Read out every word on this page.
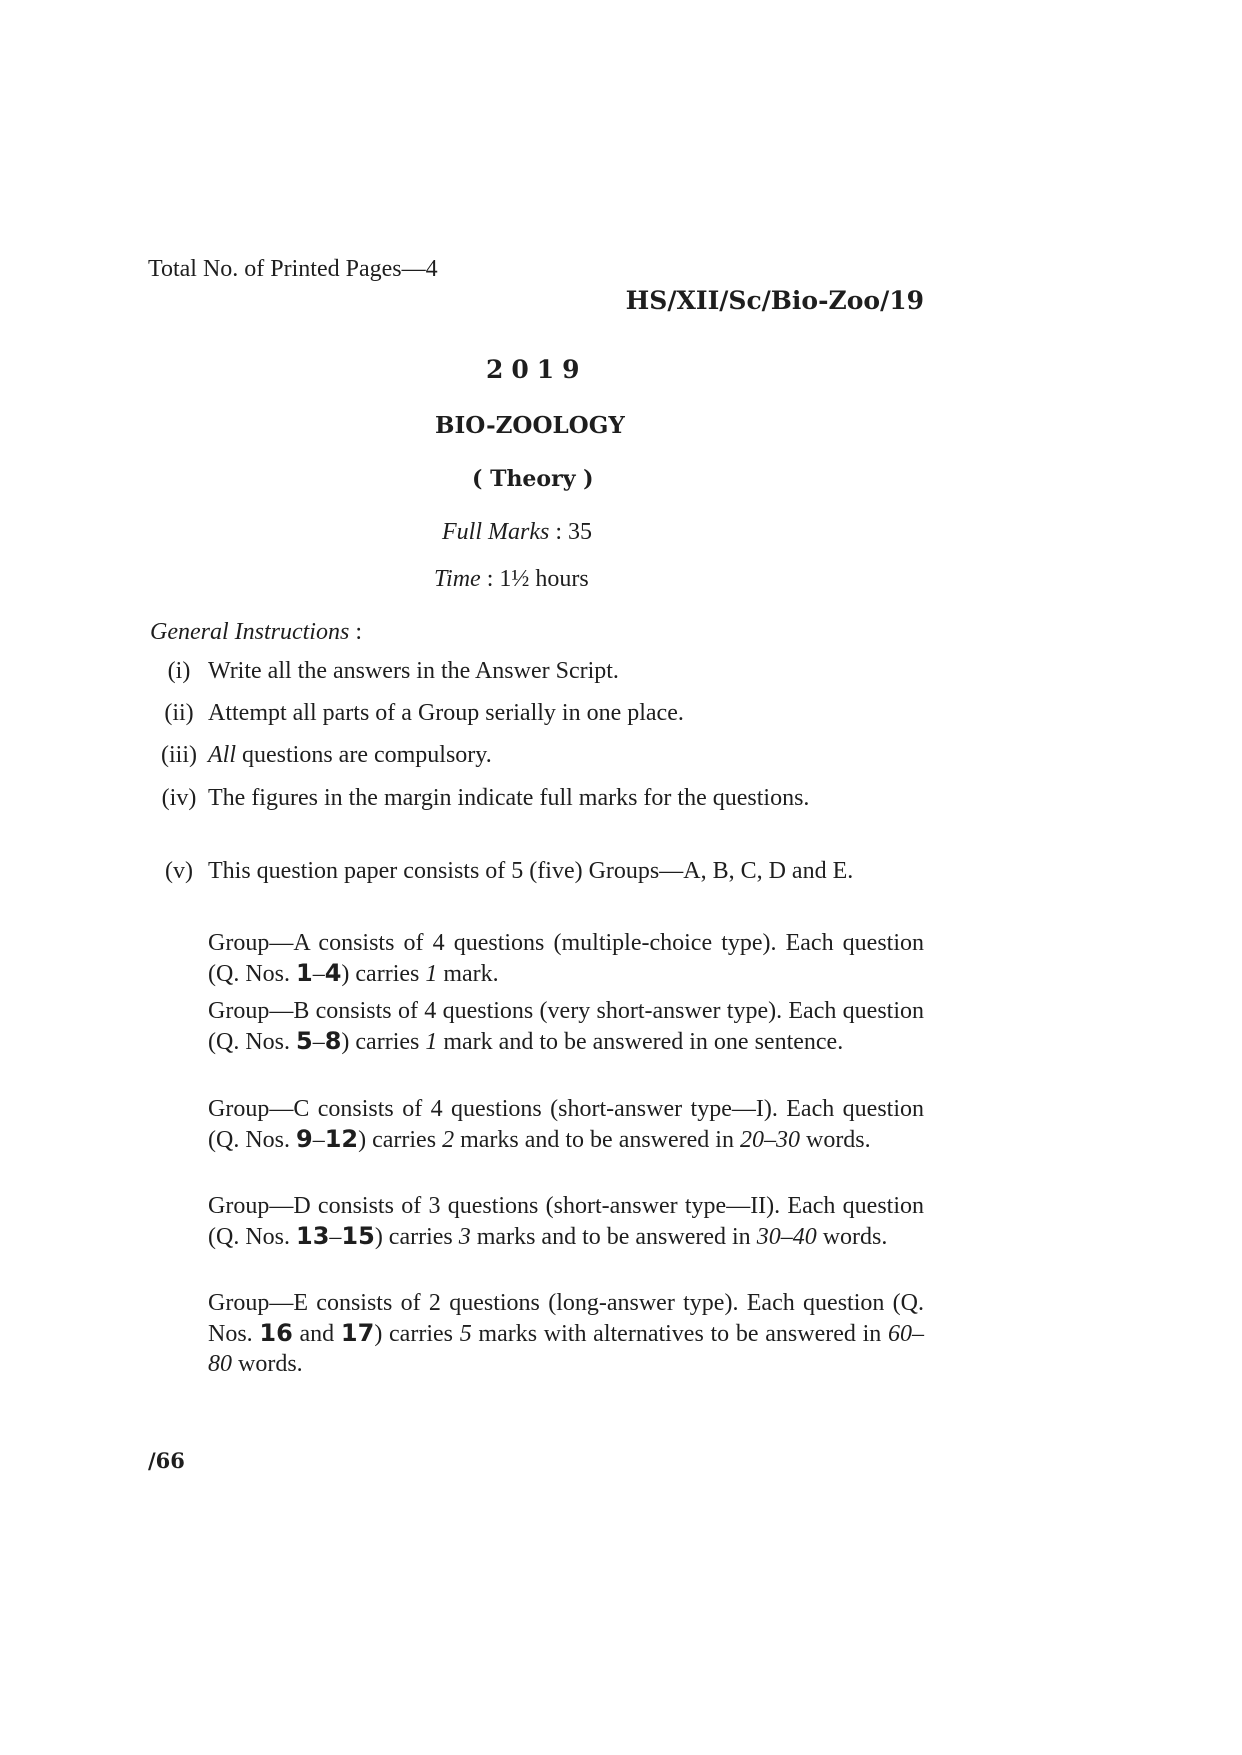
Total No. of Printed Pages—4
HS/XII/Sc/Bio-Zoo/19
2019
BIO-ZOOLOGY
( Theory )
Full Marks : 35
Time : 1½ hours
General Instructions :
(i) Write all the answers in the Answer Script.
(ii) Attempt all parts of a Group serially in one place.
(iii) All questions are compulsory.
(iv) The figures in the margin indicate full marks for the questions.
(v) This question paper consists of 5 (five) Groups—A, B, C, D and E.
Group—A consists of 4 questions (multiple-choice type). Each question (Q. Nos. 1–4) carries 1 mark.
Group—B consists of 4 questions (very short-answer type). Each question (Q. Nos. 5–8) carries 1 mark and to be answered in one sentence.
Group—C consists of 4 questions (short-answer type—I). Each question (Q. Nos. 9–12) carries 2 marks and to be answered in 20–30 words.
Group—D consists of 3 questions (short-answer type—II). Each question (Q. Nos. 13–15) carries 3 marks and to be answered in 30–40 words.
Group—E consists of 2 questions (long-answer type). Each question (Q. Nos. 16 and 17) carries 5 marks with alternatives to be answered in 60–80 words.
/66
